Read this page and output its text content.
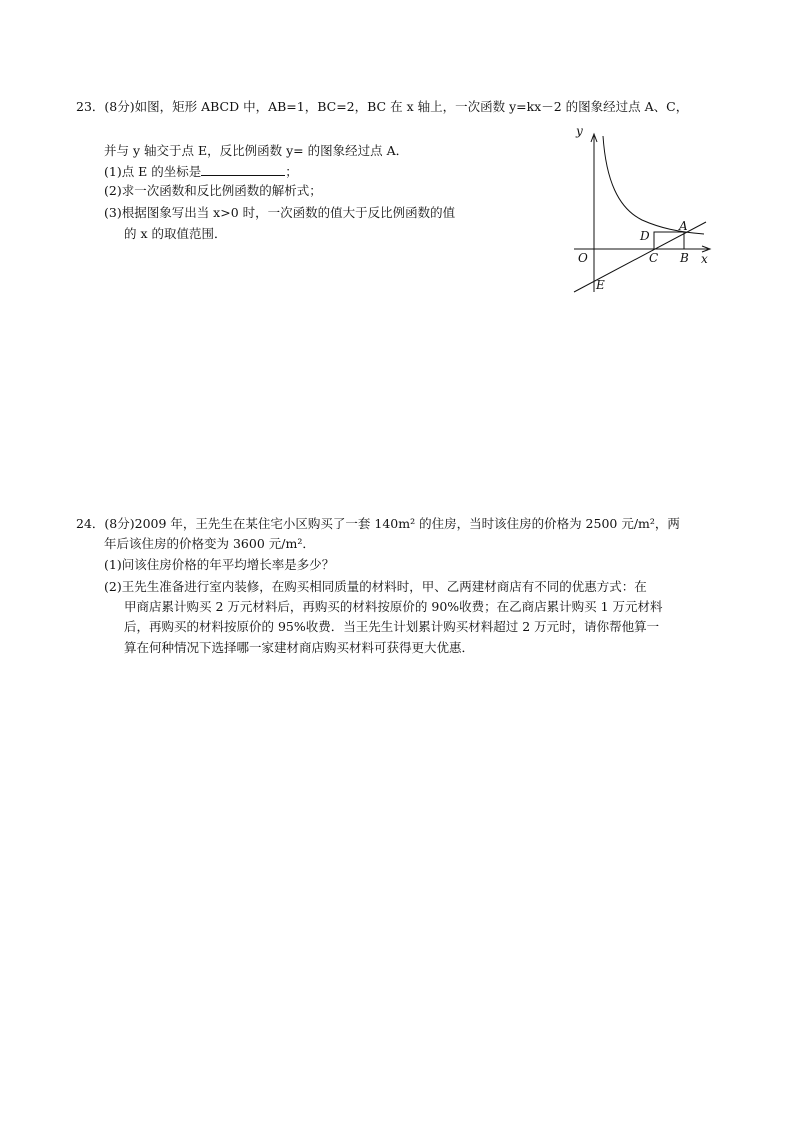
23．(8分)如图，矩形 ABCD 中，AB=1，BC=2，BC 在 x 轴上，一次函数 y=kx－2 的图象经过点 A、C，
并与 y 轴交于点 E，反比例函数 y= 的图象经过点 A．
(1)点 E 的坐标是	；
(2)求一次函数和反比例函数的解析式；
(3)根据图象写出当 x>0 时，一次函数的值大于反比例函数的值
的 x 的取值范围．
y
x
O
A
B
C
D
E
24．(8分)2009 年，王先生在某住宅小区购买了一套 140m² 的住房，当时该住房的价格为 2500 元/m²，两
年后该住房的价格变为 3600 元/m²．
(1)问该住房价格的年平均增长率是多少？
(2)王先生准备进行室内装修，在购买相同质量的材料时，甲、乙两建材商店有不同的优惠方式：在
甲商店累计购买 2 万元材料后，再购买的材料按原价的 90%收费；在乙商店累计购买 1 万元材料
后，再购买的材料按原价的 95%收费．当王先生计划累计购买材料超过 2 万元时，请你帮他算一
算在何种情况下选择哪一家建材商店购买材料可获得更大优惠．
